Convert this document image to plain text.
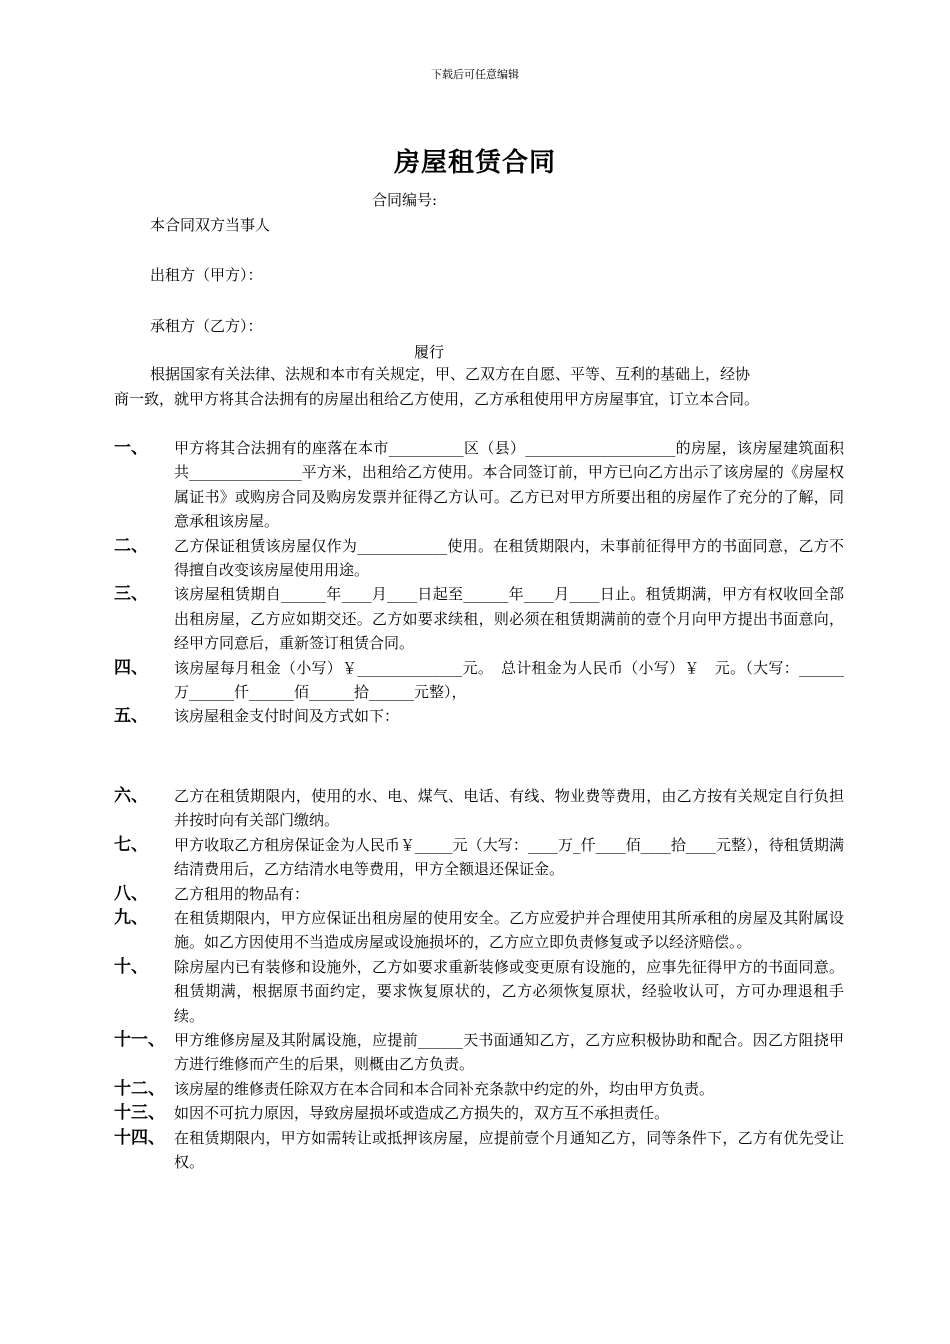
下载后可任意编辑
房屋租赁合同
合同编号:
本合同双方当事人
出租方（甲方）：
承租方（乙方）：
履行
根据国家有关法律、法规和本市有关规定，甲、乙双方在自愿、平等、互利的基础上，经协
商一致，就甲方将其合法拥有的房屋出租给乙方使用，乙方承租使用甲方房屋事宜，订立本合同。
一、 甲方将其合法拥有的座落在本市__________区（县）____________________的房屋，该房屋建筑面积共_______________平方米，出租给乙方使用。本合同签订前，甲方已向乙方出示了该房屋的《房屋权属证书》或购房合同及购房发票并征得乙方认可。乙方已对甲方所要出租的房屋作了充分的了解，同意承租该房屋。
二、 乙方保证租赁该房屋仅作为____________使用。在租赁期限内，未事前征得甲方的书面同意，乙方不得擅自改变该房屋使用用途。
三、 该房屋租赁期自______年____月____日起至______年____月____日止。租赁期满，甲方有权收回全部出租房屋，乙方应如期交还。乙方如要求续租，则必须在租赁期满前的壹个月向甲方提出书面意向，经甲方同意后，重新签订租赁合同。
四、 该房屋每月租金（小写）￥______________元。　总计租金为人民币（小写）￥　元。（大写：______万______仟______佰______拾______元整），
五、 该房屋租金支付时间及方式如下：
六、 乙方在租赁期限内，使用的水、电、煤气、电话、有线、物业费等费用，由乙方按有关规定自行负担并按时向有关部门缴纳。
七、 甲方收取乙方租房保证金为人民币￥_____元（大写：____万_仟____佰____拾____元整），待租赁期满结清费用后，乙方结清水电等费用，甲方全额退还保证金。
八、 乙方租用的物品有：
九、 在租赁期限内，甲方应保证出租房屋的使用安全。乙方应爱护并合理使用其所承租的房屋及其附属设施。如乙方因使用不当造成房屋或设施损坏的，乙方应立即负责修复或予以经济赔偿。。
十、 除房屋内已有装修和设施外，乙方如要求重新装修或变更原有设施的，应事先征得甲方的书面同意。租赁期满，根据原书面约定，要求恢复原状的，乙方必须恢复原状，经验收认可，方可办理退租手续。
十一、 甲方维修房屋及其附属设施，应提前______天书面通知乙方，乙方应积极协助和配合。因乙方阻挠甲方进行维修而产生的后果，则概由乙方负责。
十二、 该房屋的维修责任除双方在本合同和本合同补充条款中约定的外，均由甲方负责。
十三、 如因不可抗力原因，导致房屋损坏或造成乙方损失的，双方互不承担责任。
十四、 在租赁期限内，甲方如需转让或抵押该房屋，应提前壹个月通知乙方，同等条件下，乙方有优先受让权。
